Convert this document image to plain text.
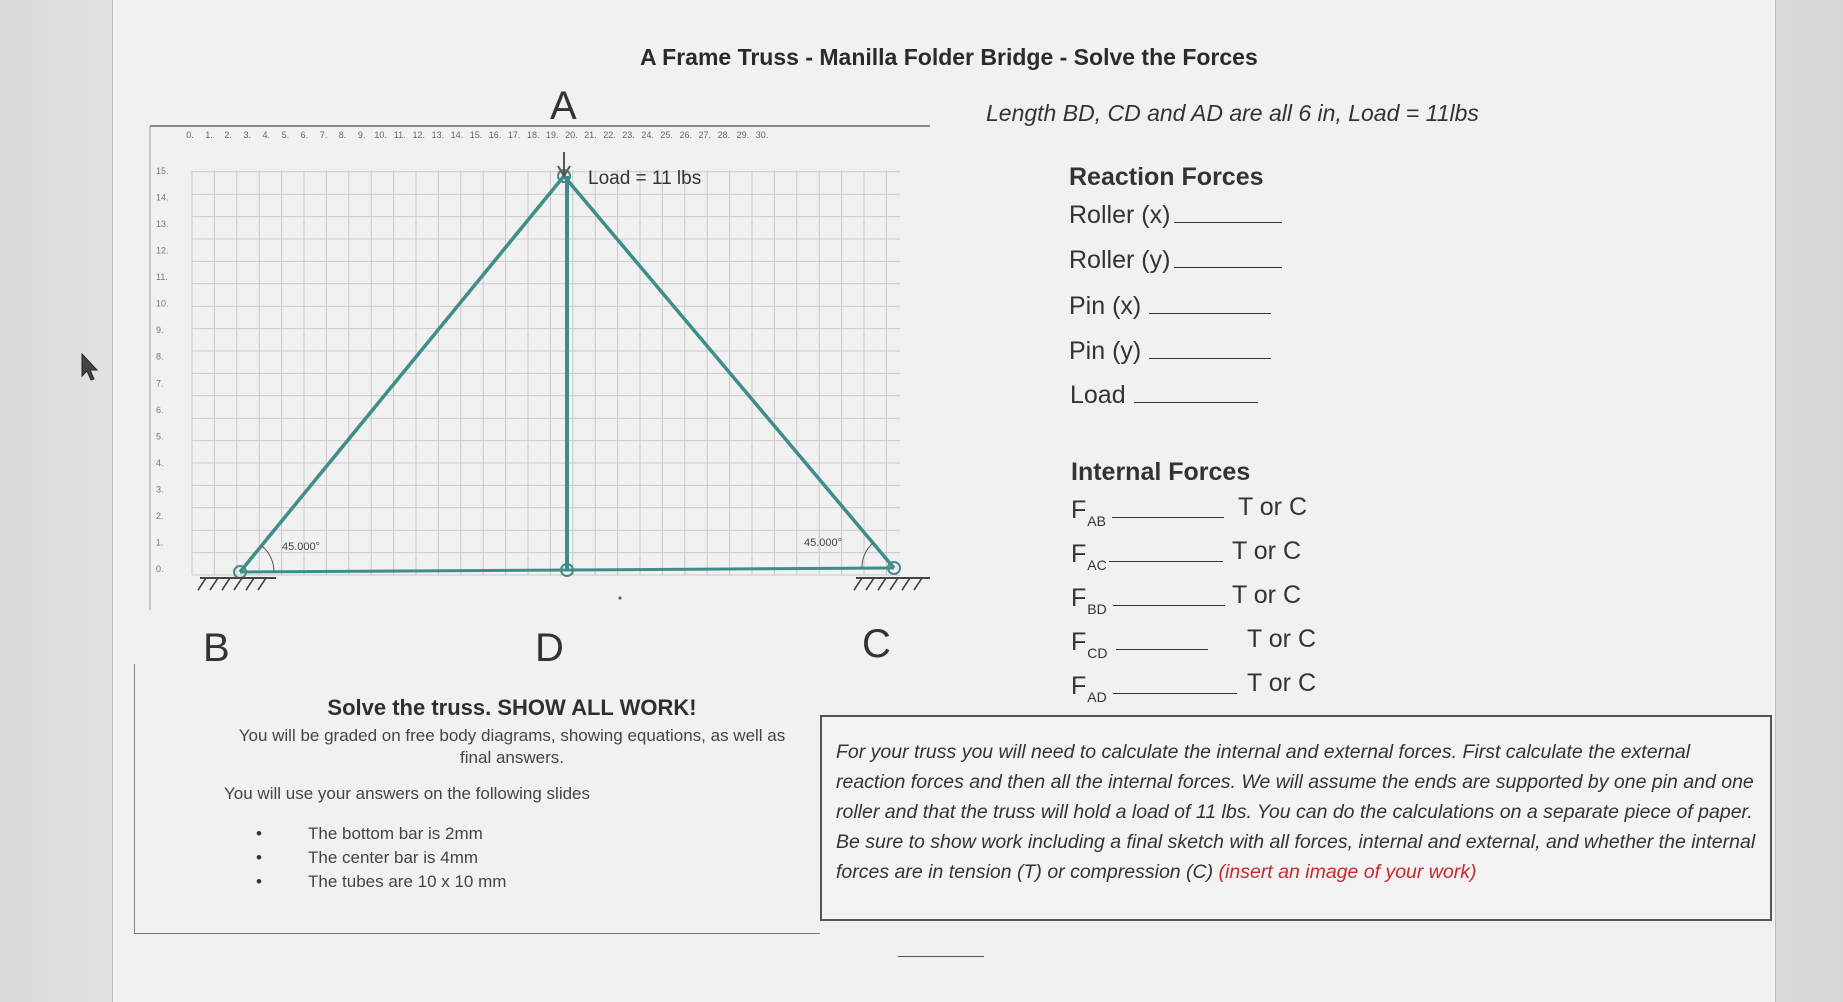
A Frame Truss - Manilla Folder Bridge - Solve the Forces
Length BD, CD and AD are all 6 in, Load = 11lbs
0. 1. 2. 3. 4. 5. 6. 7. 8. 9. 10. 11. 12. 13. 14. 15. 16. 17. 18. 19. 20. 21. 22. 23. 24. 25. 26. 27. 28. 29. 30.
15.
14.
13.
12.
11.
10.
9.
8.
7.
6.
5.
4.
3.
2.
1.
0.
45.000°	45.000°
Load = 11 lbs
A
B	D	C
Reaction Forces
Roller (x)
Roller (y)
Pin (x)
Pin (y)
Load
Internal Forces
$F_{AB}$	T or C
$F_{AC}$	T or C
$F_{BD}$	T or C
$F_{CD}$	T or C
$F_{AD}$	T or C
Solve the truss. SHOW ALL WORK!
You will be graded on free body diagrams, showing equations, as well as final answers.
You will use your answers on the following slides
• The bottom bar is 2mm
• The center bar is 4mm
• The tubes are 10 x 10 mm

For your truss you will need to calculate the internal and external forces. First calculate the external reaction forces and then all the internal forces. We will assume the ends are supported by one pin and one roller and that the truss will hold a load of 11 lbs. You can do the calculations on a separate piece of paper. Be sure to show work including a final sketch with all forces, internal and external, and whether the internal forces are in tension (T) or compression (C) (insert an image of your work)
